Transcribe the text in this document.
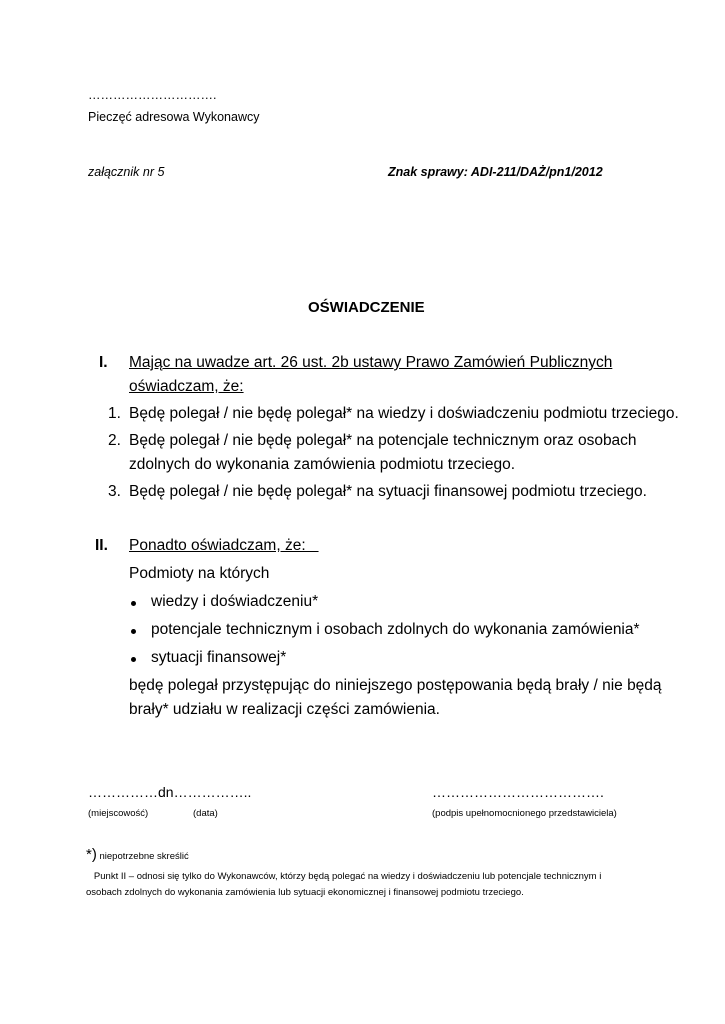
………………………….
Pieczęć adresowa Wykonawcy
załącznik nr 5	Znak sprawy: ADI-211/DAŻ/pn1/2012
OŚWIADCZENIE
I. Mając na uwadze art. 26 ust. 2b ustawy Prawo Zamówień Publicznych
oświadczam, że:
1. Będę polegał / nie będę polegał* na wiedzy i doświadczeniu podmiotu trzeciego.
2. Będę polegał / nie będę polegał* na potencjale technicznym oraz osobach
zdolnych do wykonania zamówienia podmiotu trzeciego.
3. Będę polegał / nie będę polegał* na sytuacji finansowej podmiotu trzeciego.
II. Ponadto oświadczam, że:
Podmioty na których
wiedzy i doświadczeniu*
potencjale technicznym i osobach zdolnych do wykonania zamówienia*
sytuacji finansowej*
będę polegał przystępując do niniejszego postępowania będą brały / nie będą
brały* udziału w realizacji części zamówienia.
……………dn……………..	……………………………….
(miejscowość)	(data)	(podpis upełnomocnionego przedstawiciela)
*) niepotrzebne skreślić
Punkt II – odnosi się tylko do Wykonawców, którzy będą polegać na wiedzy i doświadczeniu lub potencjale technicznym i
osobach zdolnych do wykonania zamówienia lub sytuacji ekonomicznej i finansowej podmiotu trzeciego.
